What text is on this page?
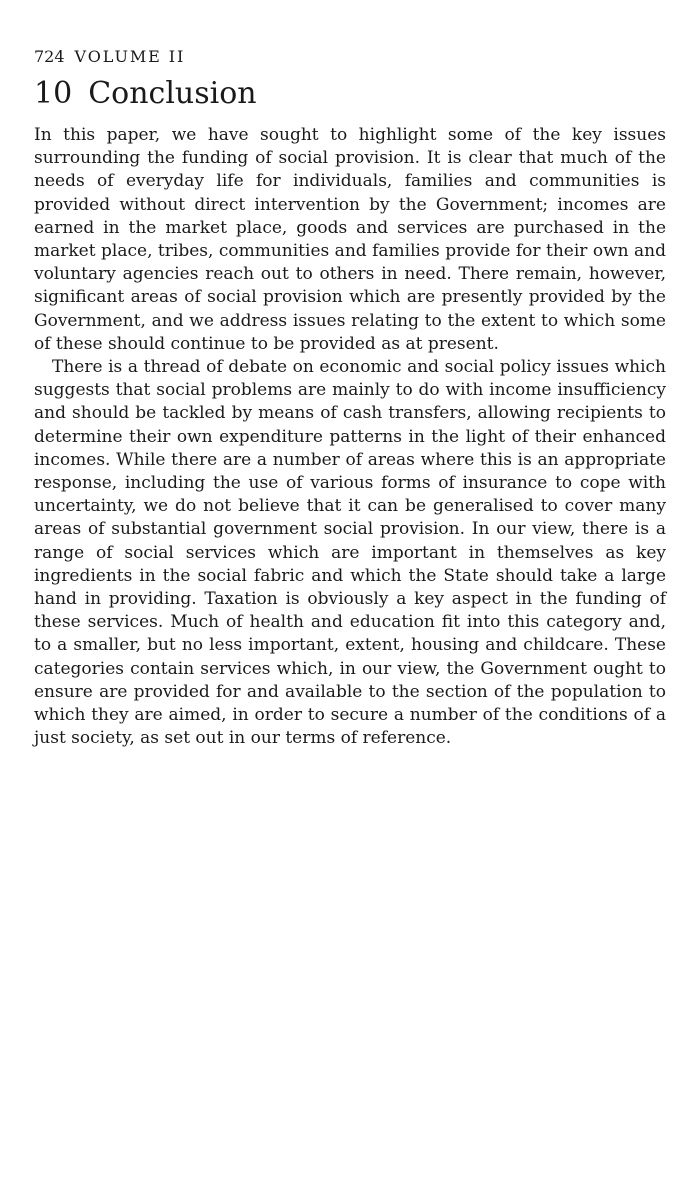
724 VOLUME II
10 Conclusion

In this paper, we have sought to highlight some of the key issues surrounding the funding of social provision. It is clear that much of the needs of everyday life for individuals, families and communities is provided without direct intervention by the Government; incomes are earned in the market place, goods and services are purchased in the market place, tribes, communities and families provide for their own and voluntary agencies reach out to others in need. There remain, however, significant areas of social provision which are presently provided by the Government, and we address issues relating to the extent to which some of these should continue to be provided as at present.

There is a thread of debate on economic and social policy issues which suggests that social problems are mainly to do with income insufficiency and should be tackled by means of cash transfers, allowing recipients to determine their own expenditure patterns in the light of their enhanced incomes. While there are a number of areas where this is an appropriate response, including the use of various forms of insurance to cope with uncertainty, we do not believe that it can be generalised to cover many areas of substantial government social provision. In our view, there is a range of social services which are important in themselves as key ingredients in the social fabric and which the State should take a large hand in providing. Taxation is obviously a key aspect in the funding of these services. Much of health and education fit into this category and, to a smaller, but no less important, extent, housing and childcare. These categories contain services which, in our view, the Government ought to ensure are provided for and available to the section of the population to which they are aimed, in order to secure a number of the conditions of a just society, as set out in our terms of reference.
